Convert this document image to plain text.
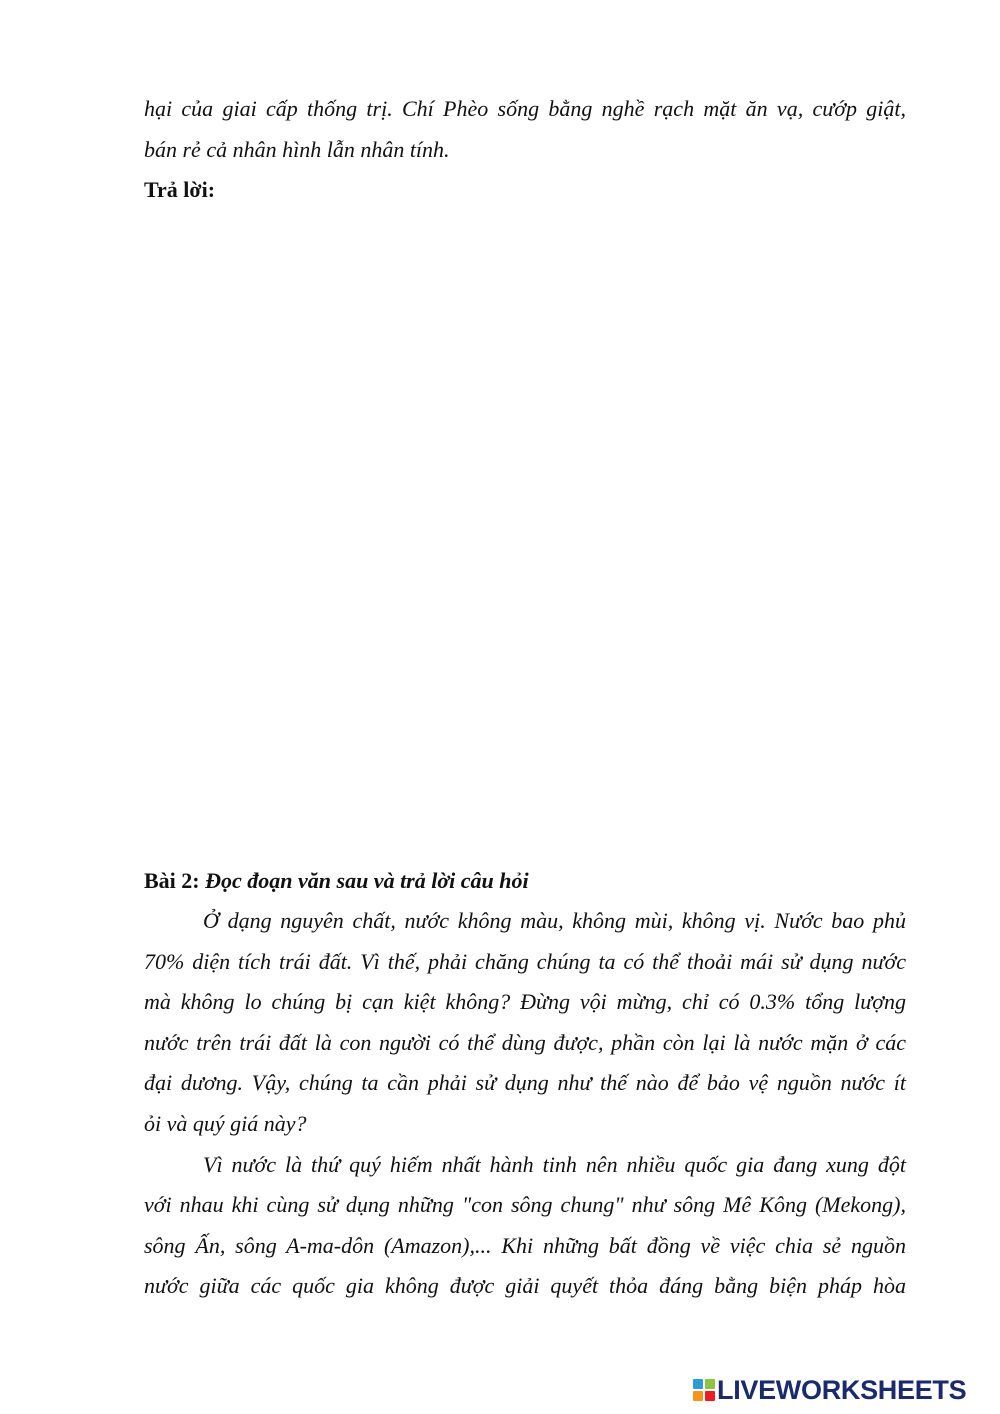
hại của giai cấp thống trị. Chí Phèo sống bằng nghề rạch mặt ăn vạ, cướp giật,
bán rẻ cả nhân hình lẫn nhân tính.
Trả lời:
Bài 2: Đọc đoạn văn sau và trả lời câu hỏi
Ở dạng nguyên chất, nước không màu, không mùi, không vị. Nước bao phủ
70% diện tích trái đất. Vì thế, phải chăng chúng ta có thể thoải mái sử dụng nước
mà không lo chúng bị cạn kiệt không? Đừng vội mừng, chỉ có 0.3% tổng lượng
nước trên trái đất là con người có thể dùng được, phần còn lại là nước mặn ở các
đại dương. Vậy, chúng ta cần phải sử dụng như thế nào để bảo vệ nguồn nước ít
ỏi và quý giá này?
Vì nước là thứ quý hiếm nhất hành tinh nên nhiều quốc gia đang xung đột
với nhau khi cùng sử dụng những "con sông chung" như sông Mê Kông (Mekong),
sông Ấn, sông A-ma-dôn (Amazon),... Khi những bất đồng về việc chia sẻ nguồn
nước giữa các quốc gia không được giải quyết thỏa đáng bằng biện pháp hòa
LIVEWORKSHEETS
